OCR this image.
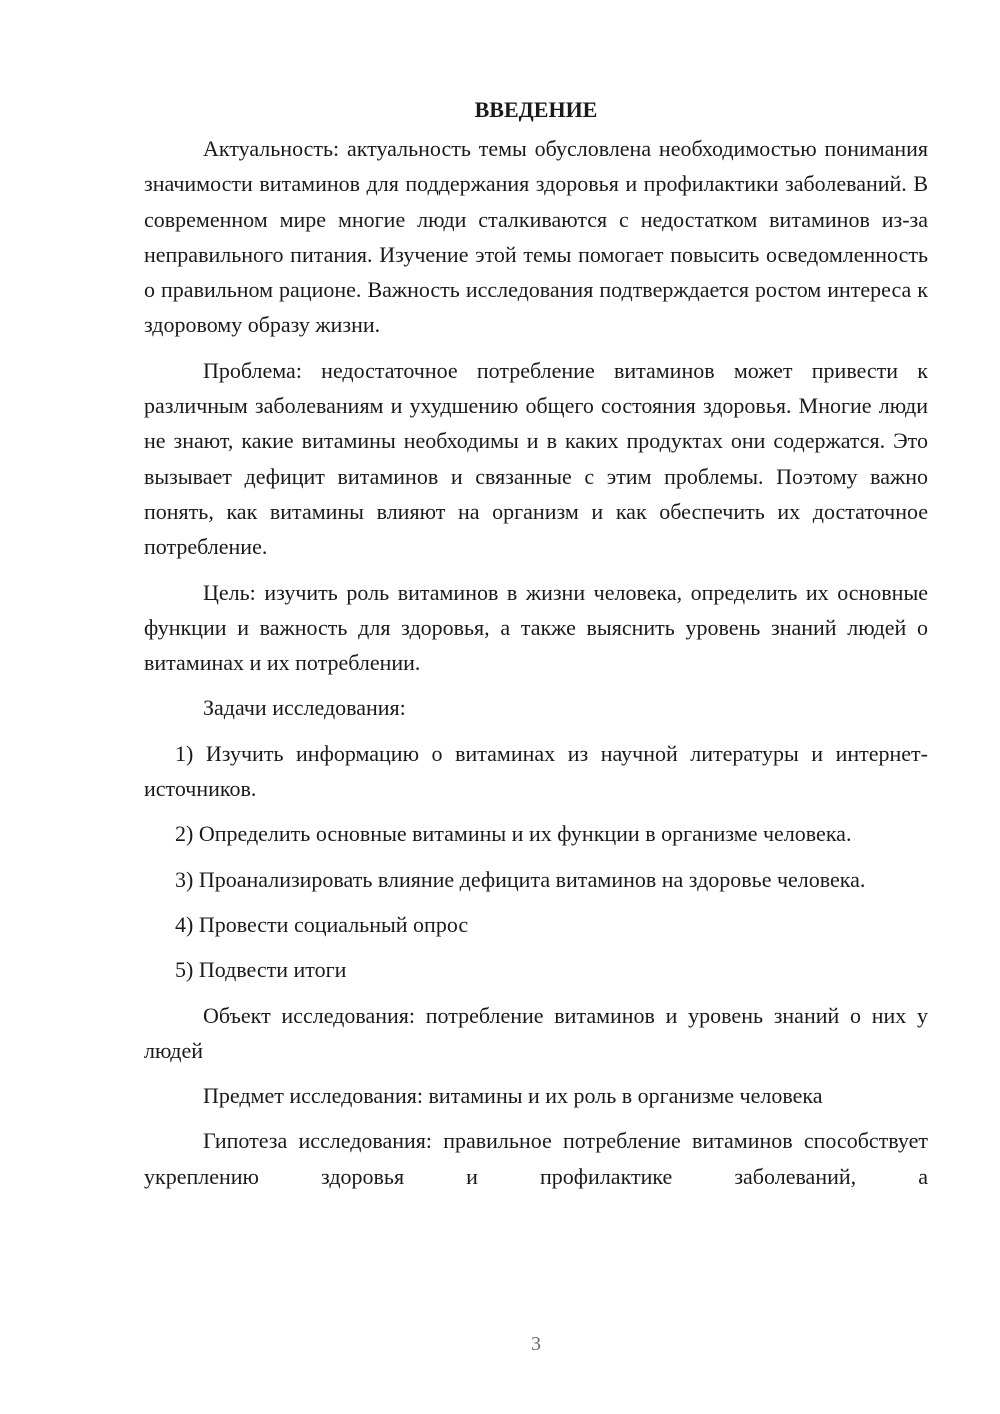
ВВЕДЕНИЕ

Актуальность: актуальность темы обусловлена необходимостью понимания значимости витаминов для поддержания здоровья и профилактики заболеваний. В современном мире многие люди сталкиваются с недостатком витаминов из-за неправильного питания. Изучение этой темы помогает повысить осведомленность о правильном рационе. Важность исследования подтверждается ростом интереса к здоровому образу жизни.

Проблема: недостаточное потребление витаминов может привести к различным заболеваниям и ухудшению общего состояния здоровья. Многие люди не знают, какие витамины необходимы и в каких продуктах они содержатся. Это вызывает дефицит витаминов и связанные с этим проблемы. Поэтому важно понять, как витамины влияют на организм и как обеспечить их достаточное потребление.

Цель: изучить роль витаминов в жизни человека, определить их основные функции и важность для здоровья, а также выяснить уровень знаний людей о витаминах и их потреблении.

Задачи исследования:

1) Изучить информацию о витаминах из научной литературы и интернет-источников.

2) Определить основные витамины и их функции в организме человека.

3) Проанализировать влияние дефицита витаминов на здоровье человека.

4) Провести социальный опрос

5) Подвести итоги

Объект исследования: потребление витаминов и уровень знаний о них у людей

Предмет исследования: витамины и их роль в организме человека

Гипотеза исследования: правильное потребление витаминов способствует укреплению здоровья и профилактике заболеваний, а

3
